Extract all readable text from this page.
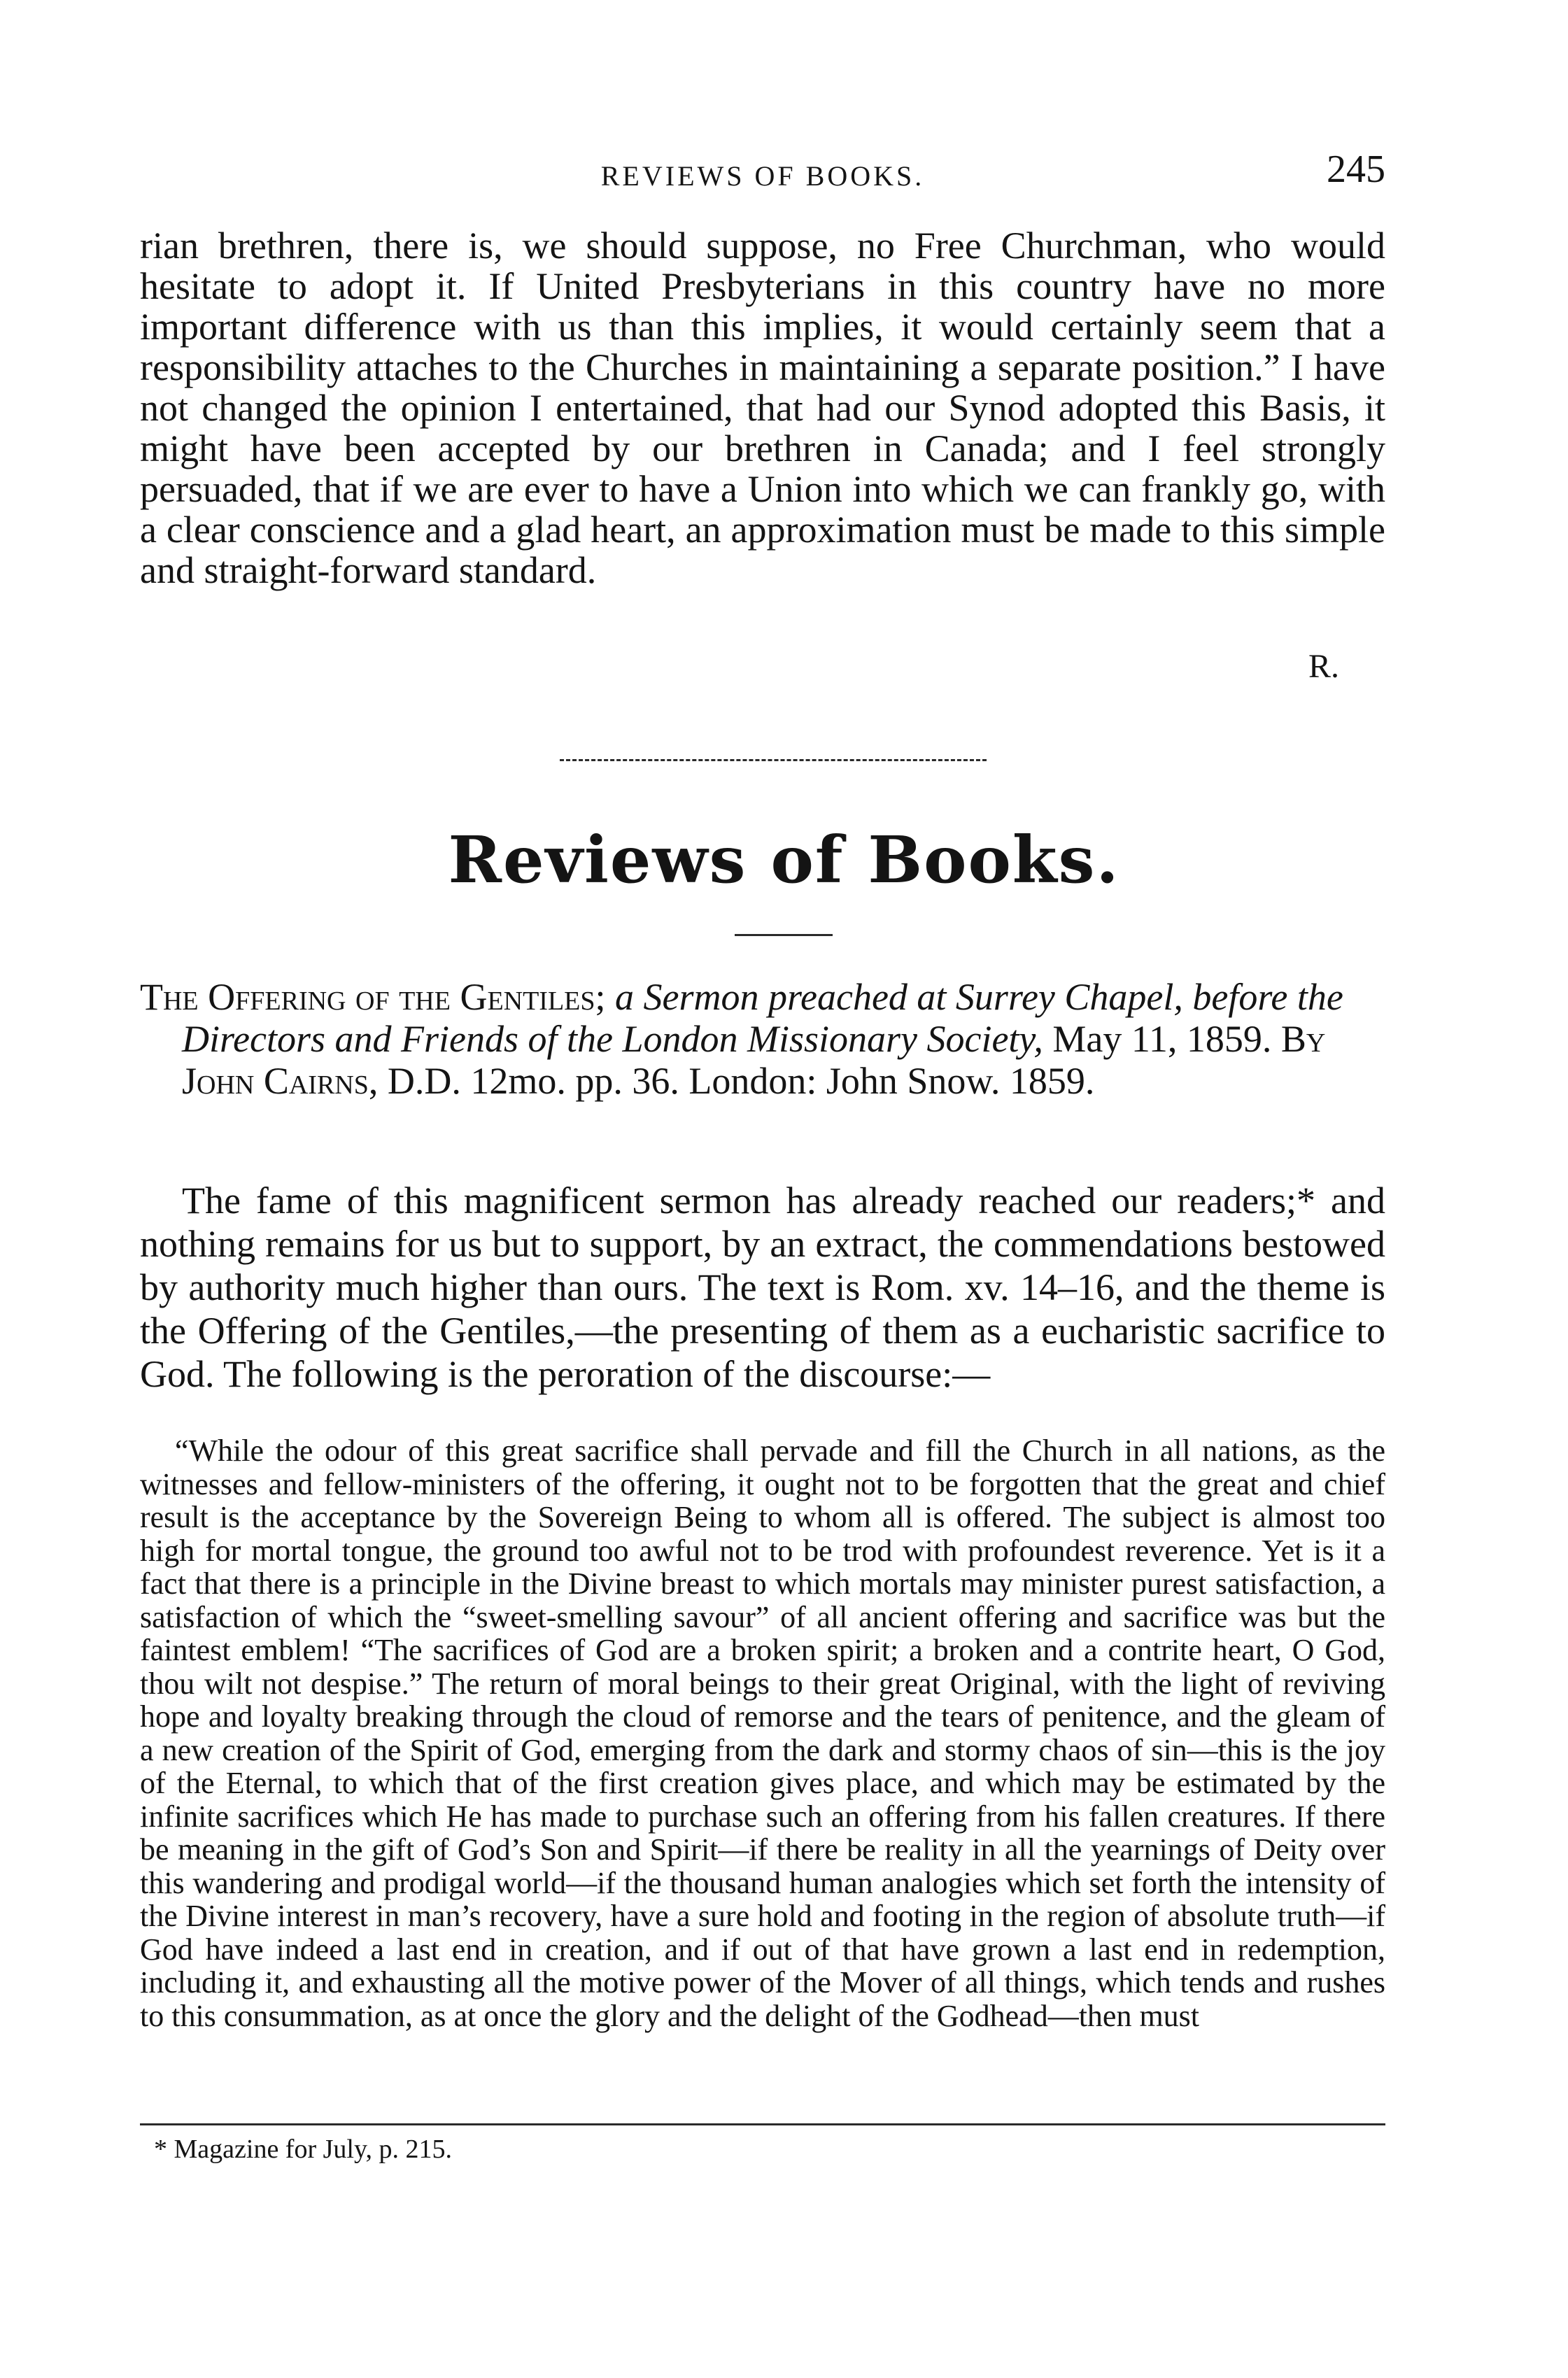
REVIEWS OF BOOKS.	245
rian brethren, there is, we should suppose, no Free Churchman, who would hesitate to adopt it. If United Presbyterians in this country have no more important difference with us than this implies, it would certainly seem that a responsibility attaches to the Churches in maintaining a separate position.” I have not changed the opinion I entertained, that had our Synod adopted this Basis, it might have been accepted by our brethren in Canada; and I feel strongly persuaded, that if we are ever to have a Union into which we can frankly go, with a clear conscience and a glad heart, an approximation must be made to this simple and straight-forward standard.
R.
Reviews of Books.
The Offering of the Gentiles; a Sermon preached at Surrey Chapel, before the Directors and Friends of the London Missionary Society, May 11, 1859. By John Cairns, D.D. 12mo. pp. 36. London: John Snow. 1859.
The fame of this magnificent sermon has already reached our readers;* and nothing remains for us but to support, by an extract, the commendations bestowed by authority much higher than ours. The text is Rom. xv. 14–16, and the theme is the Offering of the Gentiles,—the presenting of them as a eucharistic sacrifice to God. The following is the peroration of the discourse:—
“While the odour of this great sacrifice shall pervade and fill the Church in all nations, as the witnesses and fellow-ministers of the offering, it ought not to be forgotten that the great and chief result is the acceptance by the Sovereign Being to whom all is offered. The subject is almost too high for mortal tongue, the ground too awful not to be trod with profoundest reverence. Yet is it a fact that there is a principle in the Divine breast to which mortals may minister purest satisfaction, a satisfaction of which the “sweet-smelling savour” of all ancient offering and sacrifice was but the faintest emblem! “The sacrifices of God are a broken spirit; a broken and a contrite heart, O God, thou wilt not despise.” The return of moral beings to their great Original, with the light of reviving hope and loyalty breaking through the cloud of remorse and the tears of penitence, and the gleam of a new creation of the Spirit of God, emerging from the dark and stormy chaos of sin—this is the joy of the Eternal, to which that of the first creation gives place, and which may be estimated by the infinite sacrifices which He has made to purchase such an offering from his fallen creatures. If there be meaning in the gift of God’s Son and Spirit—if there be reality in all the yearnings of Deity over this wandering and prodigal world—if the thousand human analogies which set forth the intensity of the Divine interest in man’s recovery, have a sure hold and footing in the region of absolute truth—if God have indeed a last end in creation, and if out of that have grown a last end in redemption, including it, and exhausting all the motive power of the Mover of all things, which tends and rushes to this consummation, as at once the glory and the delight of the Godhead—then must
* Magazine for July, p. 215.
